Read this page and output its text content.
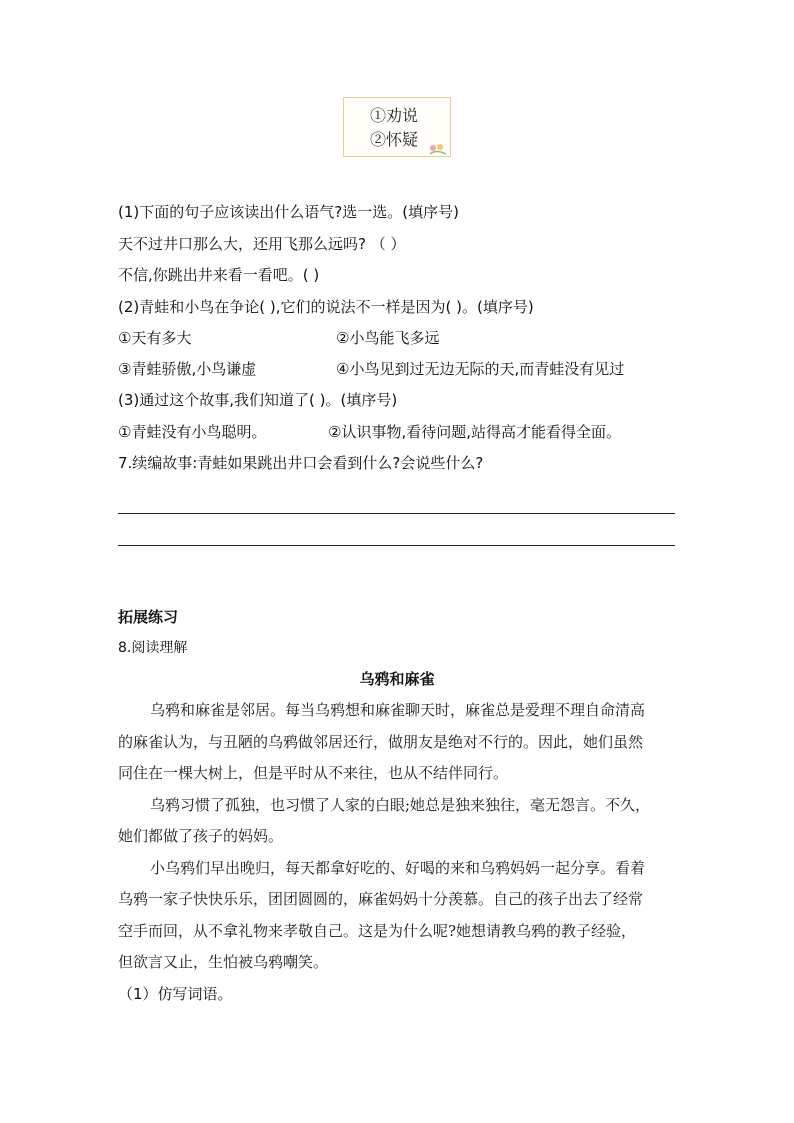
①劝说
②怀疑
(1)下面的句子应该读出什么语气?选一选。(填序号)
天不过井口那么大，还用飞那么远吗? （ ）
不信,你跳出井来看一看吧。( )
(2)青蛙和小鸟在争论( ),它们的说法不一样是因为( )。(填序号)
①天有多大	②小鸟能飞多远
③青蛙骄傲,小鸟谦虚	④小鸟见到过无边无际的天,而青蛙没有见过
(3)通过这个故事,我们知道了( )。(填序号)
①青蛙没有小鸟聪明。	②认识事物,看待问题,站得高才能看得全面。
7.续编故事:青蛙如果跳出井口会看到什么?会说些什么?
拓展练习
8.阅读理解
乌鸦和麻雀
乌鸦和麻雀是邻居。每当乌鸦想和麻雀聊天时，麻雀总是爱理不理自命清高
的麻雀认为，与丑陋的乌鸦做邻居还行，做朋友是绝对不行的。因此，她们虽然
同住在一棵大树上，但是平时从不来往，也从不结伴同行。
乌鸦习惯了孤独，也习惯了人家的白眼;她总是独来独往，毫无怨言。不久，
她们都做了孩子的妈妈。
小乌鸦们早出晚归，每天都拿好吃的、好喝的来和乌鸦妈妈一起分享。看着
乌鸦一家子快快乐乐，团团圆圆的，麻雀妈妈十分羡慕。自己的孩子出去了经常
空手而回，从不拿礼物来孝敬自己。这是为什么呢?她想请教乌鸦的教子经验，
但欲言又止，生怕被乌鸦嘲笑。
（1）仿写词语。
